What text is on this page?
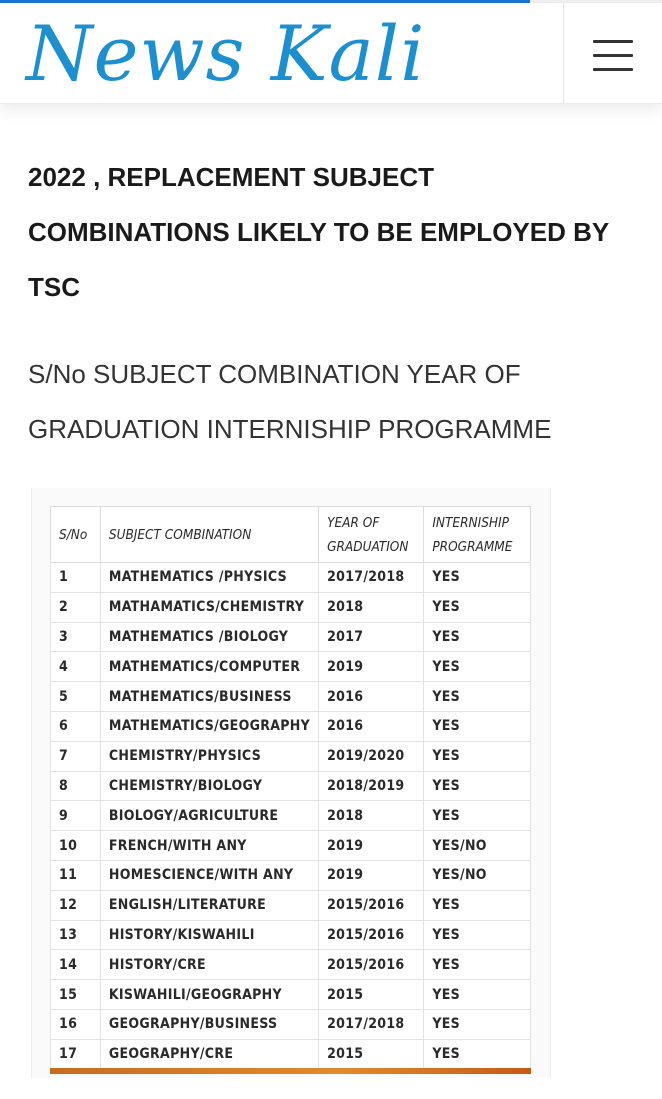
News Kali
2022 , REPLACEMENT SUBJECT COMBINATIONS LIKELY TO BE EMPLOYED BY TSC

S/No SUBJECT COMBINATION YEAR OF GRADUATION INTERNISHIP PROGRAMME

S/No	SUBJECT COMBINATION	YEAR OF GRADUATION	INTERNISHIP PROGRAMME
1	MATHEMATICS /PHYSICS	2017/2018	YES
2	MATHAMATICS/CHEMISTRY	2018	YES
3	MATHEMATICS /BIOLOGY	2017	YES
4	MATHEMATICS/COMPUTER	2019	YES
5	MATHEMATICS/BUSINESS	2016	YES
6	MATHEMATICS/GEOGRAPHY	2016	YES
7	CHEMISTRY/PHYSICS	2019/2020	YES
8	CHEMISTRY/BIOLOGY	2018/2019	YES
9	BIOLOGY/AGRICULTURE	2018	YES
10	FRENCH/WITH ANY	2019	YES/NO
11	HOMESCIENCE/WITH ANY	2019	YES/NO
12	ENGLISH/LITERATURE	2015/2016	YES
13	HISTORY/KISWAHILI	2015/2016	YES
14	HISTORY/CRE	2015/2016	YES
15	KISWAHILI/GEOGRAPHY	2015	YES
16	GEOGRAPHY/BUSINESS	2017/2018	YES
17	GEOGRAPHY/CRE	2015	YES
